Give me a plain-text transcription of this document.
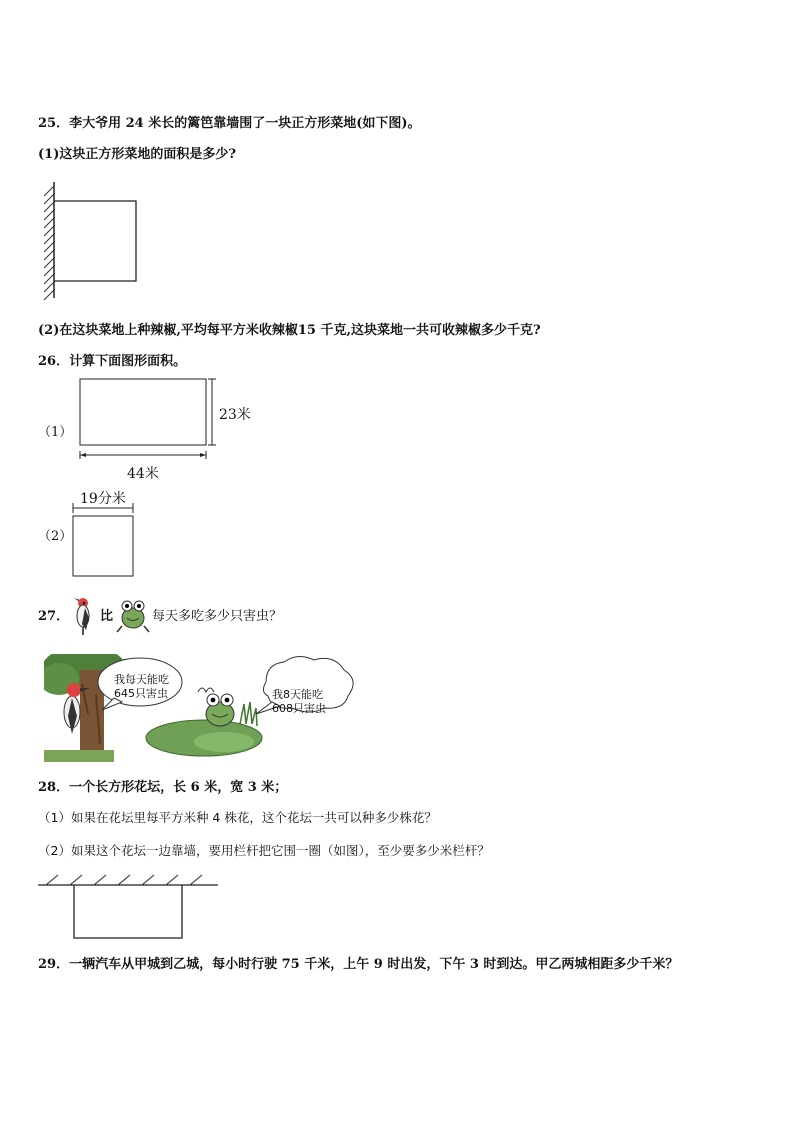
25．李大爷用 24 米长的篱笆靠墙围了一块正方形菜地(如下图)。
(1)这块正方形菜地的面积是多少?
(2)在这块菜地上种辣椒,平均每平方米收辣椒15 千克,这块菜地一共可收辣椒多少千克?
26．计算下面图形面积。
（1）
23米
44米
19分米
（2）
27． 比	每天多吃多少只害虫？
我每天能吃
645只害虫	我8天能吃
608只害虫
28．一个长方形花坛，长 6 米，宽 3 米；
（1）如果在花坛里每平方米种 4 株花，这个花坛一共可以种多少株花？
（2）如果这个花坛一边靠墙，要用栏杆把它围一圈（如图），至少要多少米栏杆？
29．一辆汽车从甲城到乙城，每小时行驶 75 千米，上午 9 时出发，下午 3 时到达。甲乙两城相距多少千米？
